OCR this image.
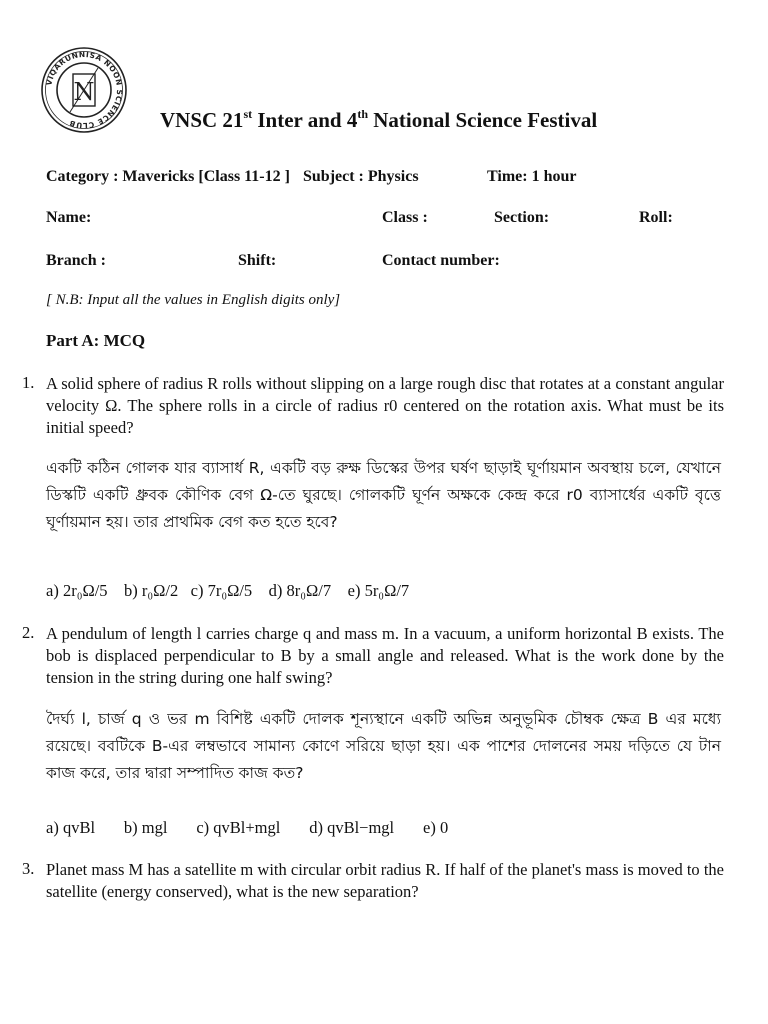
VIQARUNNISA NOON SCIENCE CLUB
N
VNSC 21st Inter and 4th National Science Festival
Category : Mavericks [Class 11-12 ] Subject : Physics	Time: 1 hour
Name:	Class :	Section:	Roll:
Branch :	Shift:	Contact number:
[ N.B: Input all the values in English digits only]
Part A: MCQ
1. A solid sphere of radius R rolls without slipping on a large rough disc that rotates at a constant angular velocity Ω. The sphere rolls in a circle of radius r0 centered on the rotation axis. What must be its initial speed?
একটি কঠিন গোলক যার ব্যাসার্ধ R, একটি বড় রুক্ষ ডিস্কের উপর ঘর্ষণ ছাড়াই ঘূর্ণায়মান অবস্থায় চলে, যেখানে ডিস্কটি একটি ধ্রুবক কৌণিক বেগ Ω-তে ঘুরছে। গোলকটি ঘূর্ণন অক্ষকে কেন্দ্র করে r0 ব্যাসার্ধের একটি বৃত্তে ঘূর্ণায়মান হয়। তার প্রাথমিক বেগ কত হতে হবে?
a) 2r₀Ω/5    b) r₀Ω/2   c) 7r₀Ω/5    d) 8r₀Ω/7    e) 5r₀Ω/7
2. A pendulum of length l carries charge q and mass m. In a vacuum, a uniform horizontal B exists. The bob is displaced perpendicular to B by a small angle and released. What is the work done by the tension in the string during one half swing?
দৈর্ঘ্য l, চার্জ q ও ভর m বিশিষ্ট একটি দোলক শূন্যস্থানে একটি অভিন্ন অনুভূমিক চৌম্বক ক্ষেত্র B এর মধ্যে রয়েছে। ববটিকে B-এর লম্বভাবে সামান্য কোণে সরিয়ে ছাড়া হয়। এক পাশের দোলনের সময় দড়িতে যে টান কাজ করে, তার দ্বারা সম্পাদিত কাজ কত?
a) qvBl       b) mgl       c) qvBl+mgl       d) qvBl−mgl       e) 0
3. Planet mass M has a satellite m with circular orbit radius R. If half of the planet's mass is moved to the satellite (energy conserved), what is the new separation?
